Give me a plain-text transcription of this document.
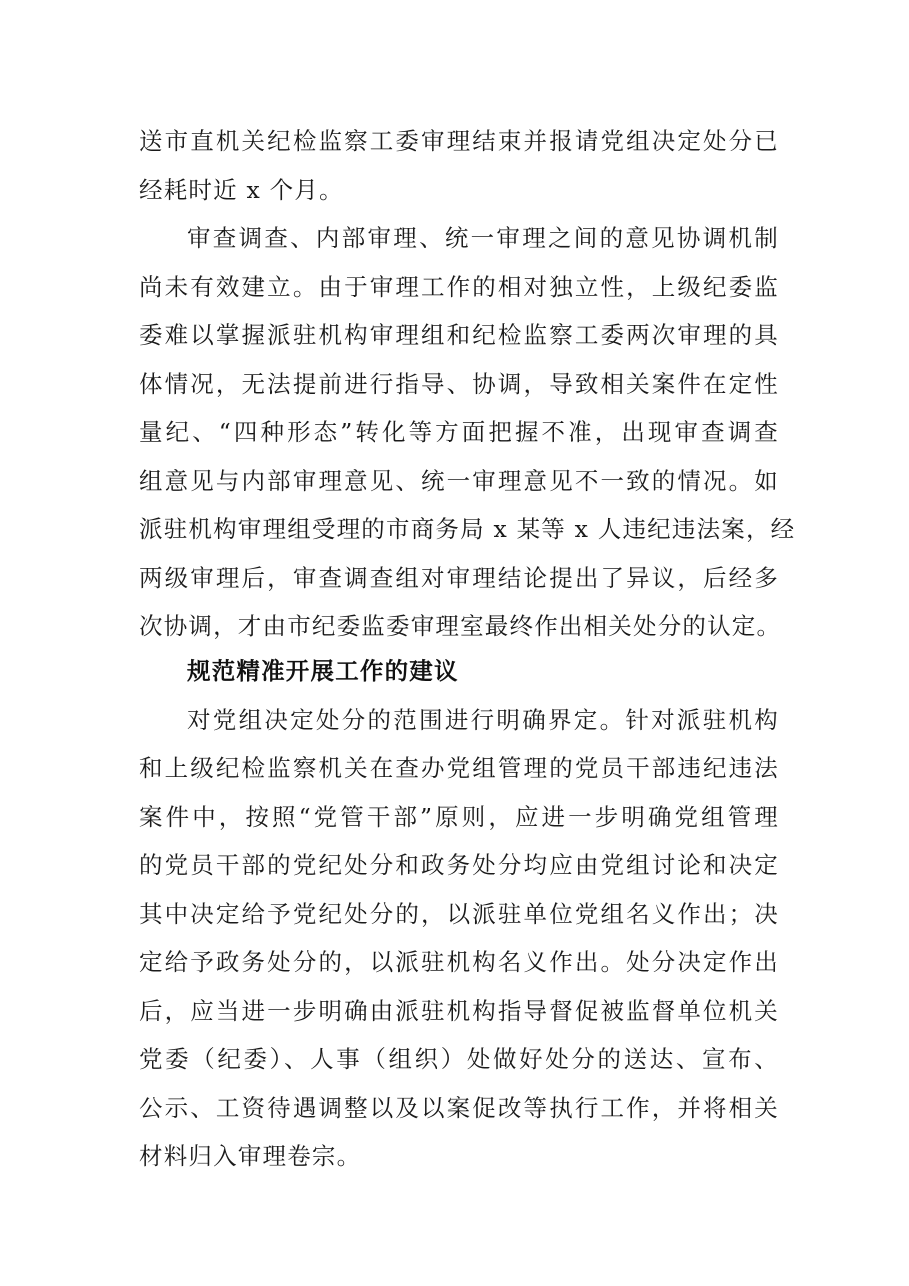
送市直机关纪检监察工委审理结束并报请党组决定处分已
经耗时近 x 个月。
审查调查、内部审理、统一审理之间的意见协调机制
尚未有效建立。由于审理工作的相对独立性，上级纪委监
委难以掌握派驻机构审理组和纪检监察工委两次审理的具
体情况，无法提前进行指导、协调，导致相关案件在定性
量纪、“四种形态”转化等方面把握不准，出现审查调查
组意见与内部审理意见、统一审理意见不一致的情况。如
派驻机构审理组受理的市商务局 x 某等 x 人违纪违法案，经
两级审理后，审查调查组对审理结论提出了异议，后经多
次协调，才由市纪委监委审理室最终作出相关处分的认定。
规范精准开展工作的建议
对党组决定处分的范围进行明确界定。针对派驻机构
和上级纪检监察机关在查办党组管理的党员干部违纪违法
案件中，按照“党管干部”原则，应进一步明确党组管理
的党员干部的党纪处分和政务处分均应由党组讨论和决定
其中决定给予党纪处分的，以派驻单位党组名义作出；决
定给予政务处分的，以派驻机构名义作出。处分决定作出
后，应当进一步明确由派驻机构指导督促被监督单位机关
党委（纪委）、人事（组织）处做好处分的送达、宣布、
公示、工资待遇调整以及以案促改等执行工作，并将相关
材料归入审理卷宗。
